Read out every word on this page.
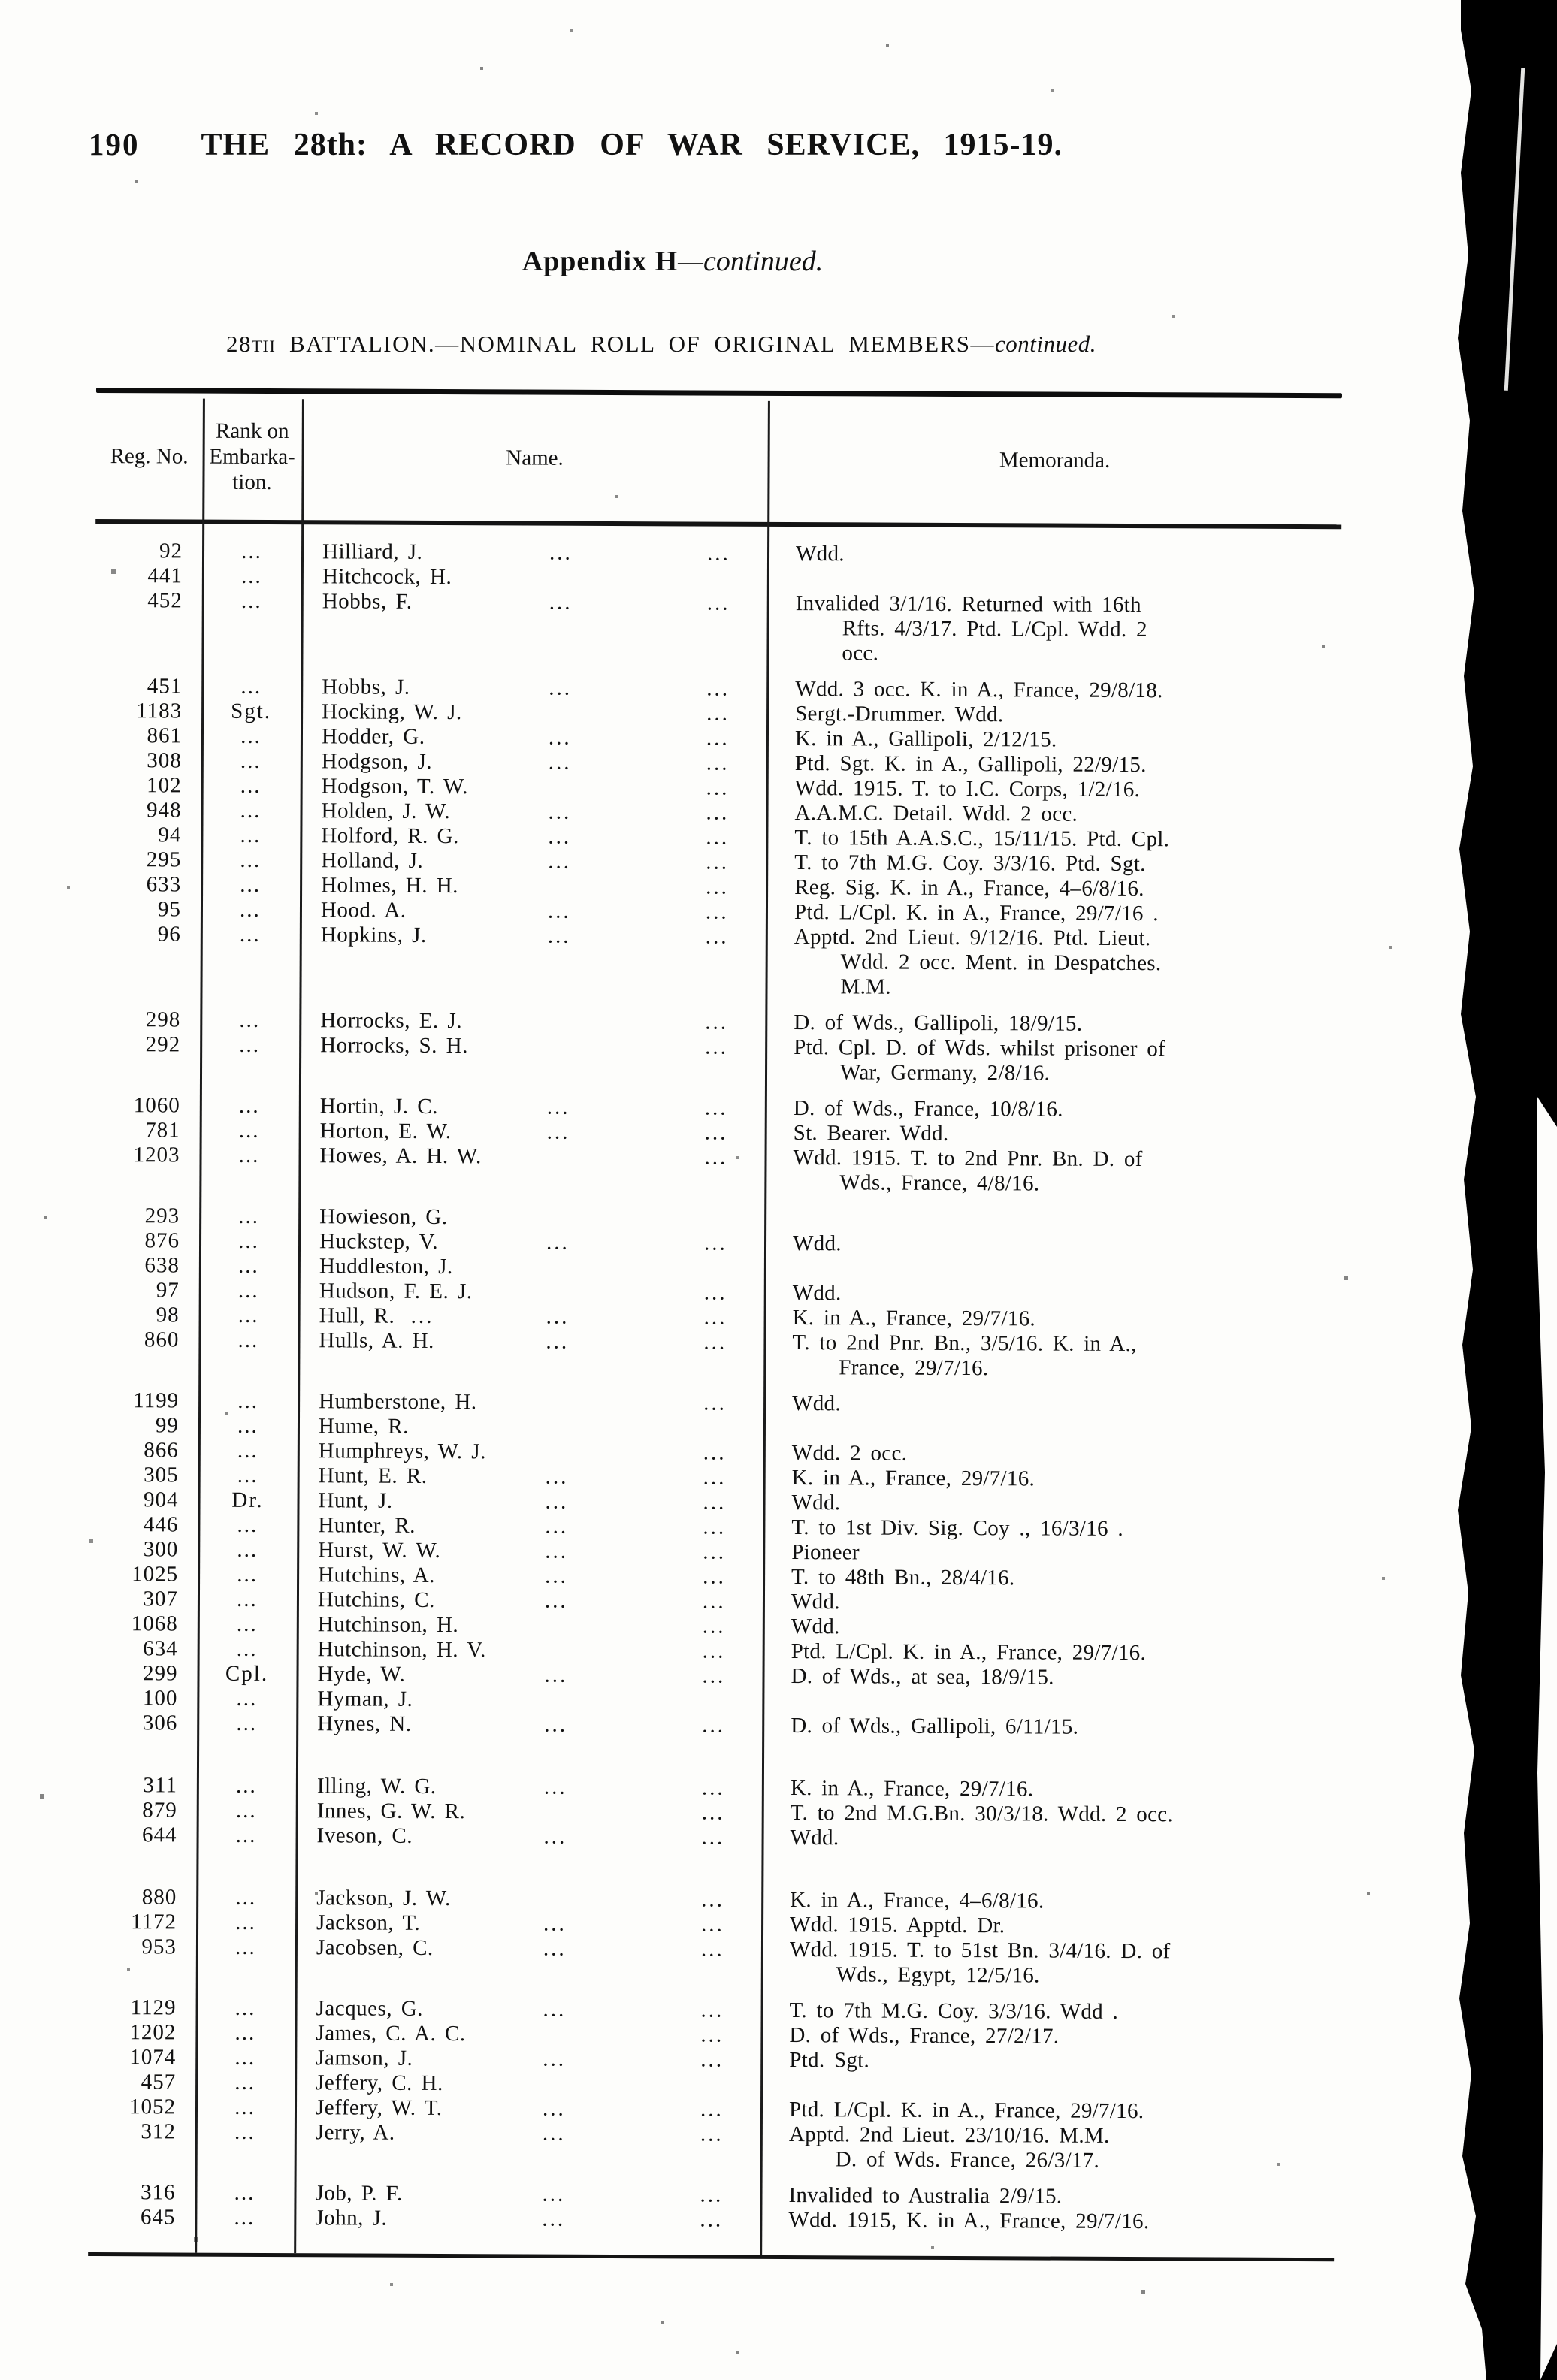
190 THE 28th: A RECORD OF WAR SERVICE, 1915-19.
Appendix H—continued.
28TH BATTALION.—NOMINAL ROLL OF ORIGINAL MEMBERS—continued.
Reg. No.
Rank on
Embarka-
tion.
Name.	Memoranda.
92	...	Hilliard, J.	...	...	Wdd.
441	...	Hitchcock, H.
452	...	Hobbs, F.	...	...	Invalided 3/1/16. Returned with 16th
Rfts. 4/3/17. Ptd. L/Cpl. Wdd. 2
occ.
451	...	Hobbs, J.	...	...	Wdd. 3 occ. K. in A., France, 29/8/18.
1183	Sgt.	Hocking, W. J.	...	Sergt.-Drummer. Wdd.
861	...	Hodder, G.	...	...	K. in A., Gallipoli, 2/12/15.
308	...	Hodgson, J.	...	...	Ptd. Sgt. K. in A., Gallipoli, 22/9/15.
102	...	Hodgson, T. W.	...	Wdd. 1915. T. to I.C. Corps, 1/2/16.
948	...	Holden, J. W.	...	...	A.A.M.C. Detail. Wdd. 2 occ.
94	...	Holford, R. G.	...	...	T. to 15th A.A.S.C., 15/11/15. Ptd. Cpl.
295	...	Holland, J.	...	...	T. to 7th M.G. Coy. 3/3/16. Ptd. Sgt.
633	...	Holmes, H. H.	...	Reg. Sig. K. in A., France, 4–6/8/16.
95	...	Hood. A.	...	...	Ptd. L/Cpl. K. in A., France, 29/7/16 .
96	...	Hopkins, J.	...	...	Apptd. 2nd Lieut. 9/12/16. Ptd. Lieut.
Wdd. 2 occ. Ment. in Despatches.
M.M.
298	...	Horrocks, E. J.	...	D. of Wds., Gallipoli, 18/9/15.
292	...	Horrocks, S. H.	...	Ptd. Cpl. D. of Wds. whilst prisoner of
War, Germany, 2/8/16.
1060	...	Hortin, J. C.	...	...	D. of Wds., France, 10/8/16.
781	...	Horton, E. W.	...	...	St. Bearer. Wdd.
1203	...	Howes, A. H. W.	...	Wdd. 1915. T. to 2nd Pnr. Bn. D. of
Wds., France, 4/8/16.
293	...	Howieson, G.
876	...	Huckstep, V.	...	...	Wdd.
638	...	Huddleston, J.
97	...	Hudson, F. E. J.	...	Wdd.
98	...	Hull, R. ...	...	...	K. in A., France, 29/7/16.
860	...	Hulls, A. H.	...	...	T. to 2nd Pnr. Bn., 3/5/16. K. in A.,
France, 29/7/16.
1199	...	Humberstone, H.	...	Wdd.
99	...	Hume, R.
866	...	Humphreys, W. J.	...	Wdd. 2 occ.
305	...	Hunt, E. R.	...	...	K. in A., France, 29/7/16.
904	Dr.	Hunt, J.	...	...	Wdd.
446	...	Hunter, R.	...	...	T. to 1st Div. Sig. Coy ., 16/3/16 .
300	...	Hurst, W. W.	...	...	Pioneer
1025	...	Hutchins, A.	...	...	T. to 48th Bn., 28/4/16.
307	...	Hutchins, C.	...	...	Wdd.
1068	...	Hutchinson, H.	...	Wdd.
634	...	Hutchinson, H. V.	...	Ptd. L/Cpl. K. in A., France, 29/7/16.
299	Cpl.	Hyde, W.	...	...	D. of Wds., at sea, 18/9/15.
100	...	Hyman, J.
306	...	Hynes, N.	...	...	D. of Wds., Gallipoli, 6/11/15.
311	...	Illing, W. G.	...	...	K. in A., France, 29/7/16.
879	...	Innes, G. W. R.	...	T. to 2nd M.G.Bn. 30/3/18. Wdd. 2 occ.
644	...	Iveson, C.	...	...	Wdd.
880	...	Jackson, J. W.	...	K. in A., France, 4–6/8/16.
1172	...	Jackson, T.	...	...	Wdd. 1915. Apptd. Dr.
953	...	Jacobsen, C.	...	...	Wdd. 1915. T. to 51st Bn. 3/4/16. D. of
Wds., Egypt, 12/5/16.
1129	...	Jacques, G.	...	...	T. to 7th M.G. Coy. 3/3/16. Wdd .
1202	...	James, C. A. C.	...	D. of Wds., France, 27/2/17.
1074	...	Jamson, J.	...	...	Ptd. Sgt.
457	...	Jeffery, C. H.
1052	...	Jeffery, W. T.	...	...	Ptd. L/Cpl. K. in A., France, 29/7/16.
312	...	Jerry, A.	...	...	Apptd. 2nd Lieut. 23/10/16. M.M.
D. of Wds. France, 26/3/17.
316	...	Job, P. F.	...	...	Invalided to Australia 2/9/15.
645	...	John, J.	...	...	Wdd. 1915, K. in A., France, 29/7/16.
